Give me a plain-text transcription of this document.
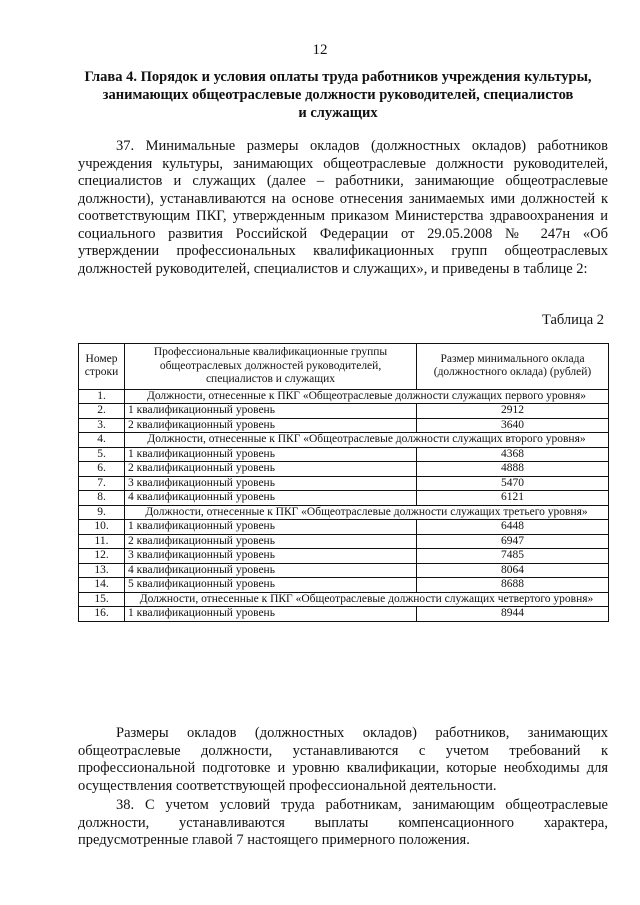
12
Глава 4. Порядок и условия оплаты труда работников учреждения культуры,
занимающих общеотраслевые должности руководителей, специалистов
и служащих

37. Минимальные размеры окладов (должностных окладов) работников учреждения культуры, занимающих общеотраслевые должности руководителей, специалистов и служащих (далее – работники, занимающие общеотраслевые должности), устанавливаются на основе отнесения занимаемых ими должностей к соответствующим ПКГ, утвержденным приказом Министерства здравоохранения и социального развития Российской Федерации от 29.05.2008 № 247н «Об утверждении профессиональных квалификационных групп общеотраслевых должностей руководителей, специалистов и служащих», и приведены в таблице 2:

Таблица 2
Номер строки	Профессиональные квалификационные группы общеотраслевых должностей руководителей, специалистов и служащих	Размер минимального оклада (должностного оклада) (рублей)
1.	Должности, отнесенные к ПКГ «Общеотраслевые должности служащих первого уровня»	
2.	1 квалификационный уровень	2912
3.	2 квалификационный уровень	3640
4.	Должности, отнесенные к ПКГ «Общеотраслевые должности служащих второго уровня»	
5.	1 квалификационный уровень	4368
6.	2 квалификационный уровень	4888
7.	3 квалификационный уровень	5470
8.	4 квалификационный уровень	6121
9.	Должности, отнесенные к ПКГ «Общеотраслевые должности служащих третьего уровня»	
10.	1 квалификационный уровень	6448
11.	2 квалификационный уровень	6947
12.	3 квалификационный уровень	7485
13.	4 квалификационный уровень	8064
14.	5 квалификационный уровень	8688
15.	Должности, отнесенные к ПКГ «Общеотраслевые должности служащих четвертого уровня»	
16.	1 квалификационный уровень	8944

Размеры окладов (должностных окладов) работников, занимающих общеотраслевые должности, устанавливаются с учетом требований к профессиональной подготовке и уровню квалификации, которые необходимы для осуществления соответствующей профессиональной деятельности.

38. С учетом условий труда работникам, занимающим общеотраслевые должности, устанавливаются выплаты компенсационного характера, предусмотренные главой 7 настоящего примерного положения.
